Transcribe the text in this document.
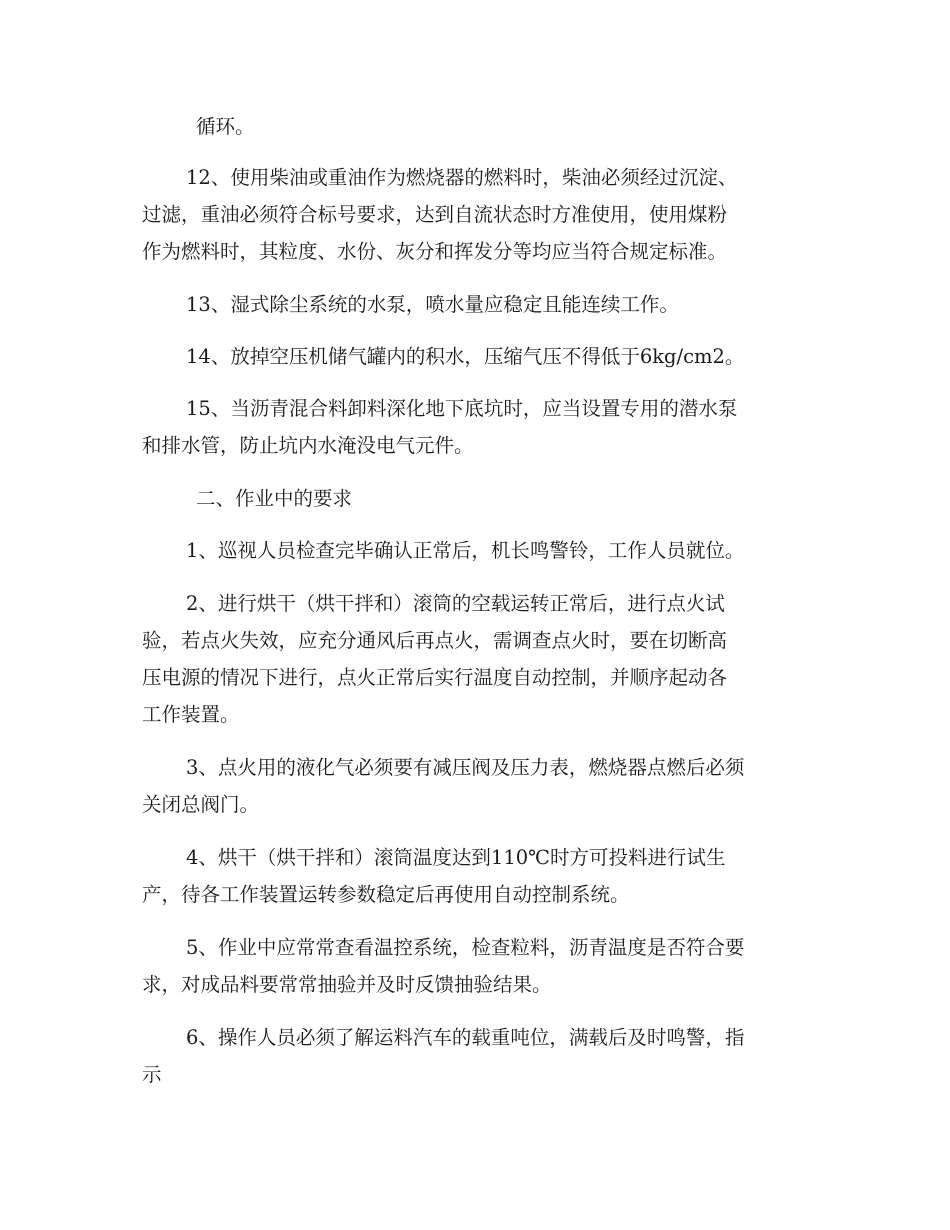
循环。

12、使用柴油或重油作为燃烧器的燃料时，柴油必须经过沉淀、

过滤，重油必须符合标号要求，达到自流状态时方准使用，使用煤粉

作为燃料时，其粒度、水份、灰分和挥发分等均应当符合规定标准。

13、湿式除尘系统的水泵，喷水量应稳定且能连续工作。

14、放掉空压机储气罐内的积水，压缩气压不得低于6kg/cm2。

15、当沥青混合料卸料深化地下底坑时，应当设置专用的潜水泵

和排水管，防止坑内水淹没电气元件。

二、作业中的要求

1、巡视人员检查完毕确认正常后，机长鸣警铃，工作人员就位。

2、进行烘干（烘干拌和）滚筒的空载运转正常后，进行点火试

验，若点火失效，应充分通风后再点火，需调查点火时，要在切断高

压电源的情况下进行，点火正常后实行温度自动控制，并顺序起动各

工作装置。

3、点火用的液化气必须要有减压阀及压力表，燃烧器点燃后必须

关闭总阀门。

4、烘干（烘干拌和）滚筒温度达到110℃时方可投料进行试生

产，待各工作装置运转参数稳定后再使用自动控制系统。

5、作业中应常常查看温控系统，检查粒料，沥青温度是否符合要

求，对成品料要常常抽验并及时反馈抽验结果。

6、操作人员必须了解运料汽车的载重吨位，满载后及时鸣警，指

示
